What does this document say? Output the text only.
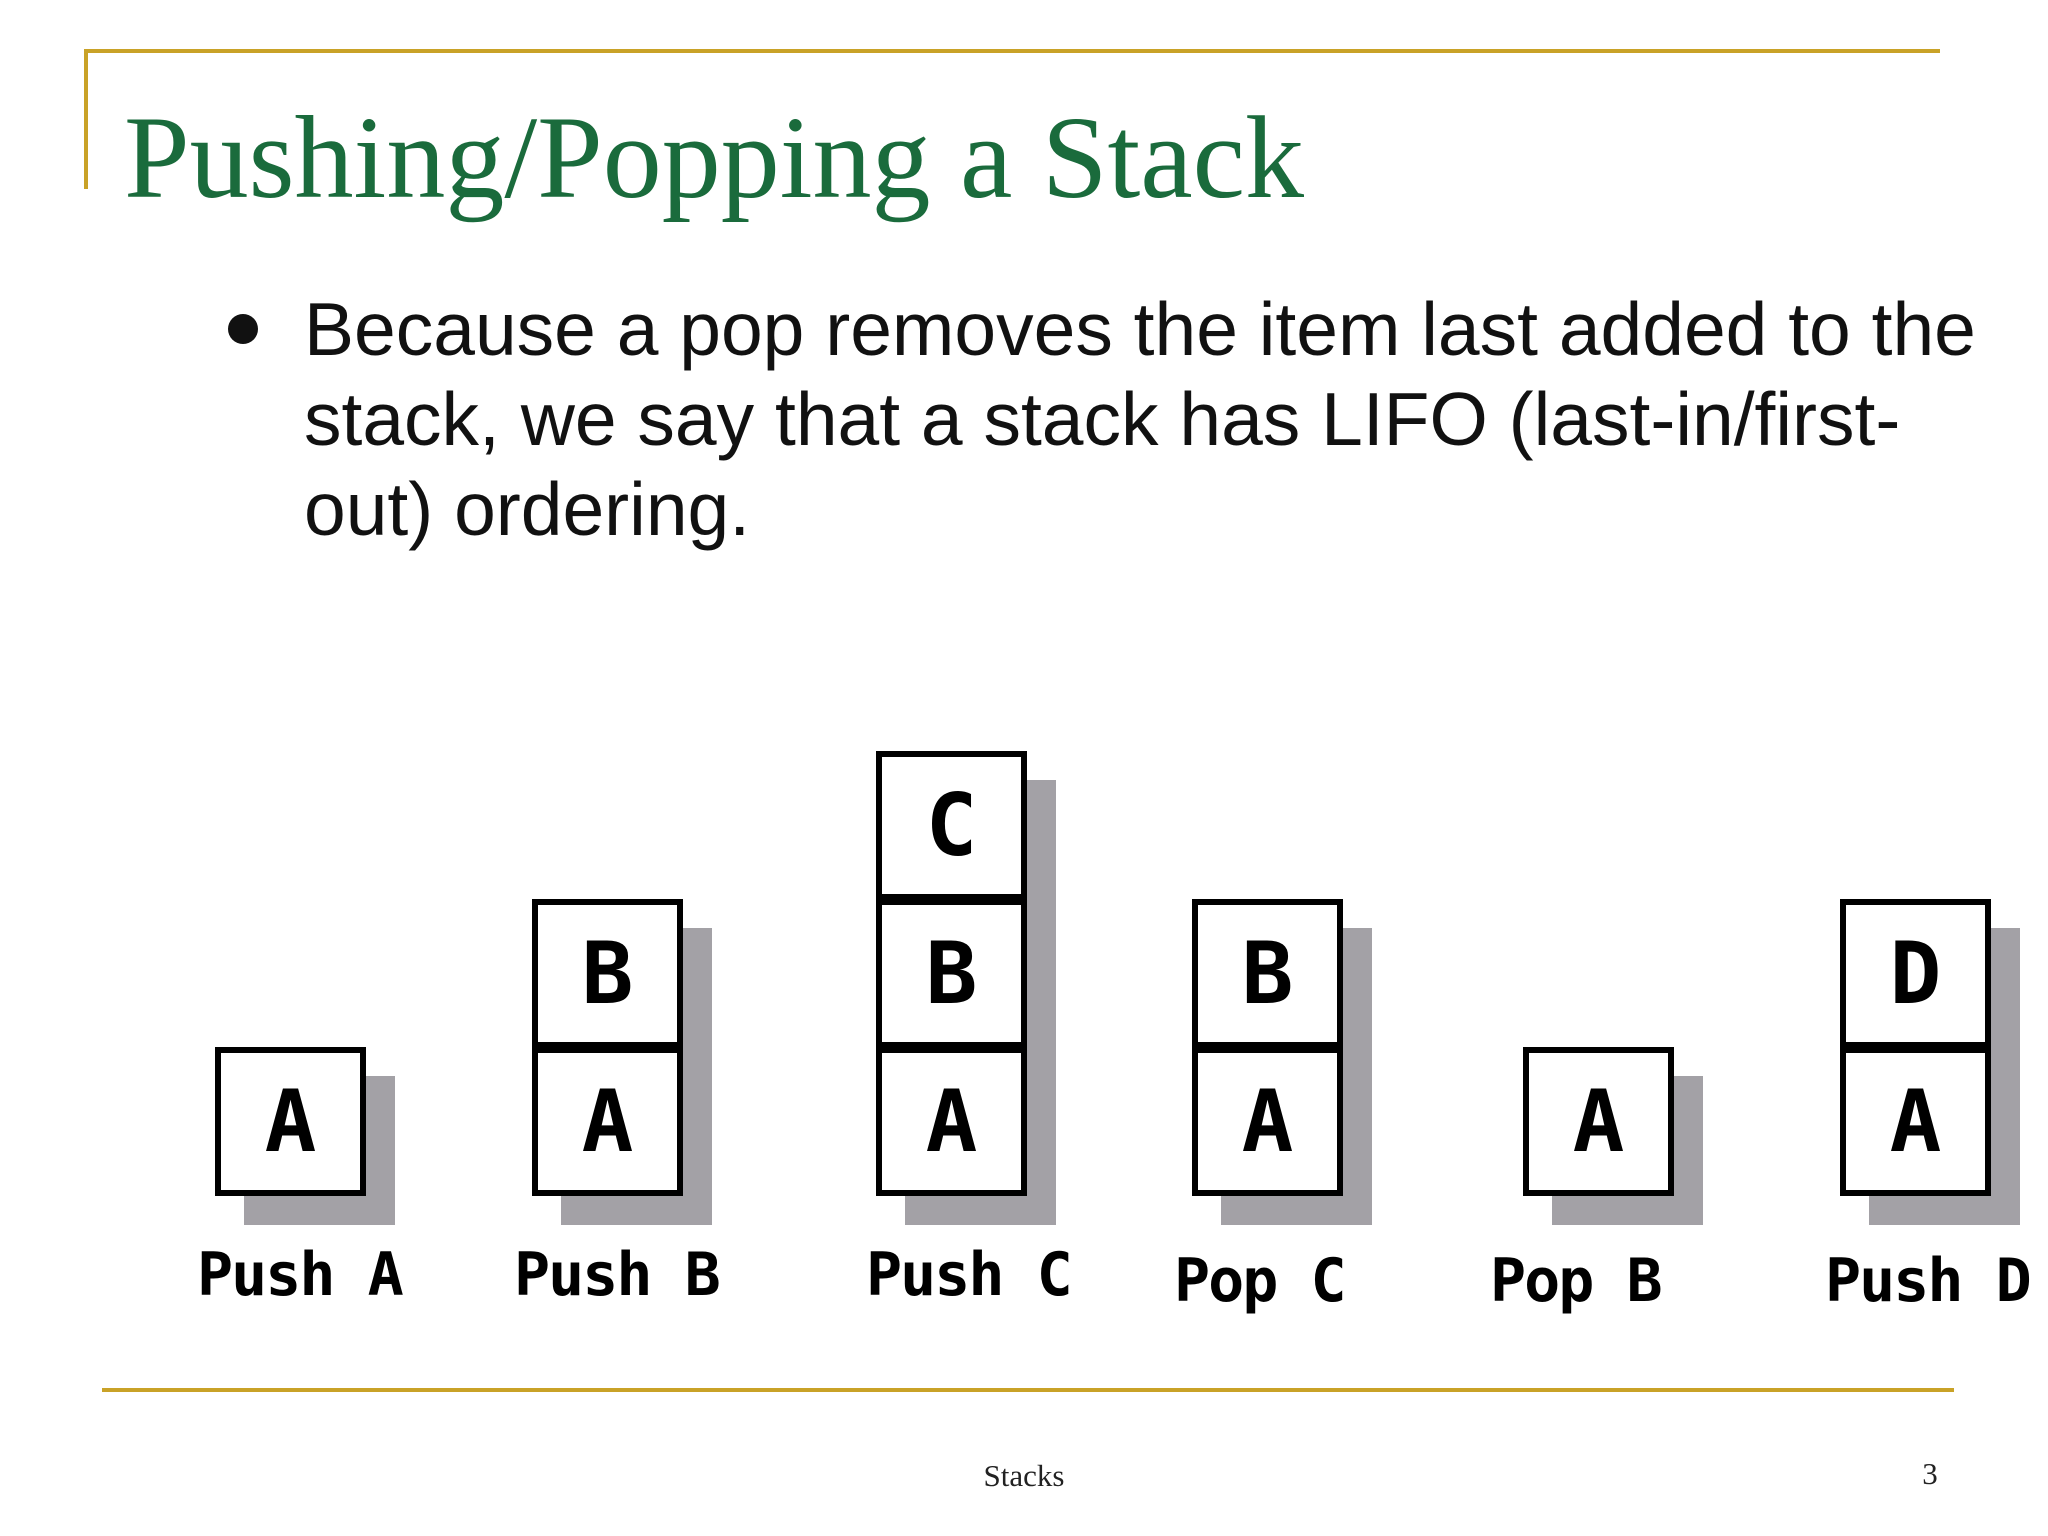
Pushing/Popping a Stack
Because a pop removes the item last added to the stack, we say that a stack has LIFO (last-in/first-out) ordering.
A
Push A
A
B
Push B
A
B
C
Push C
A
B
Pop C
A
Pop B
A
D
Push D
Stacks	3
